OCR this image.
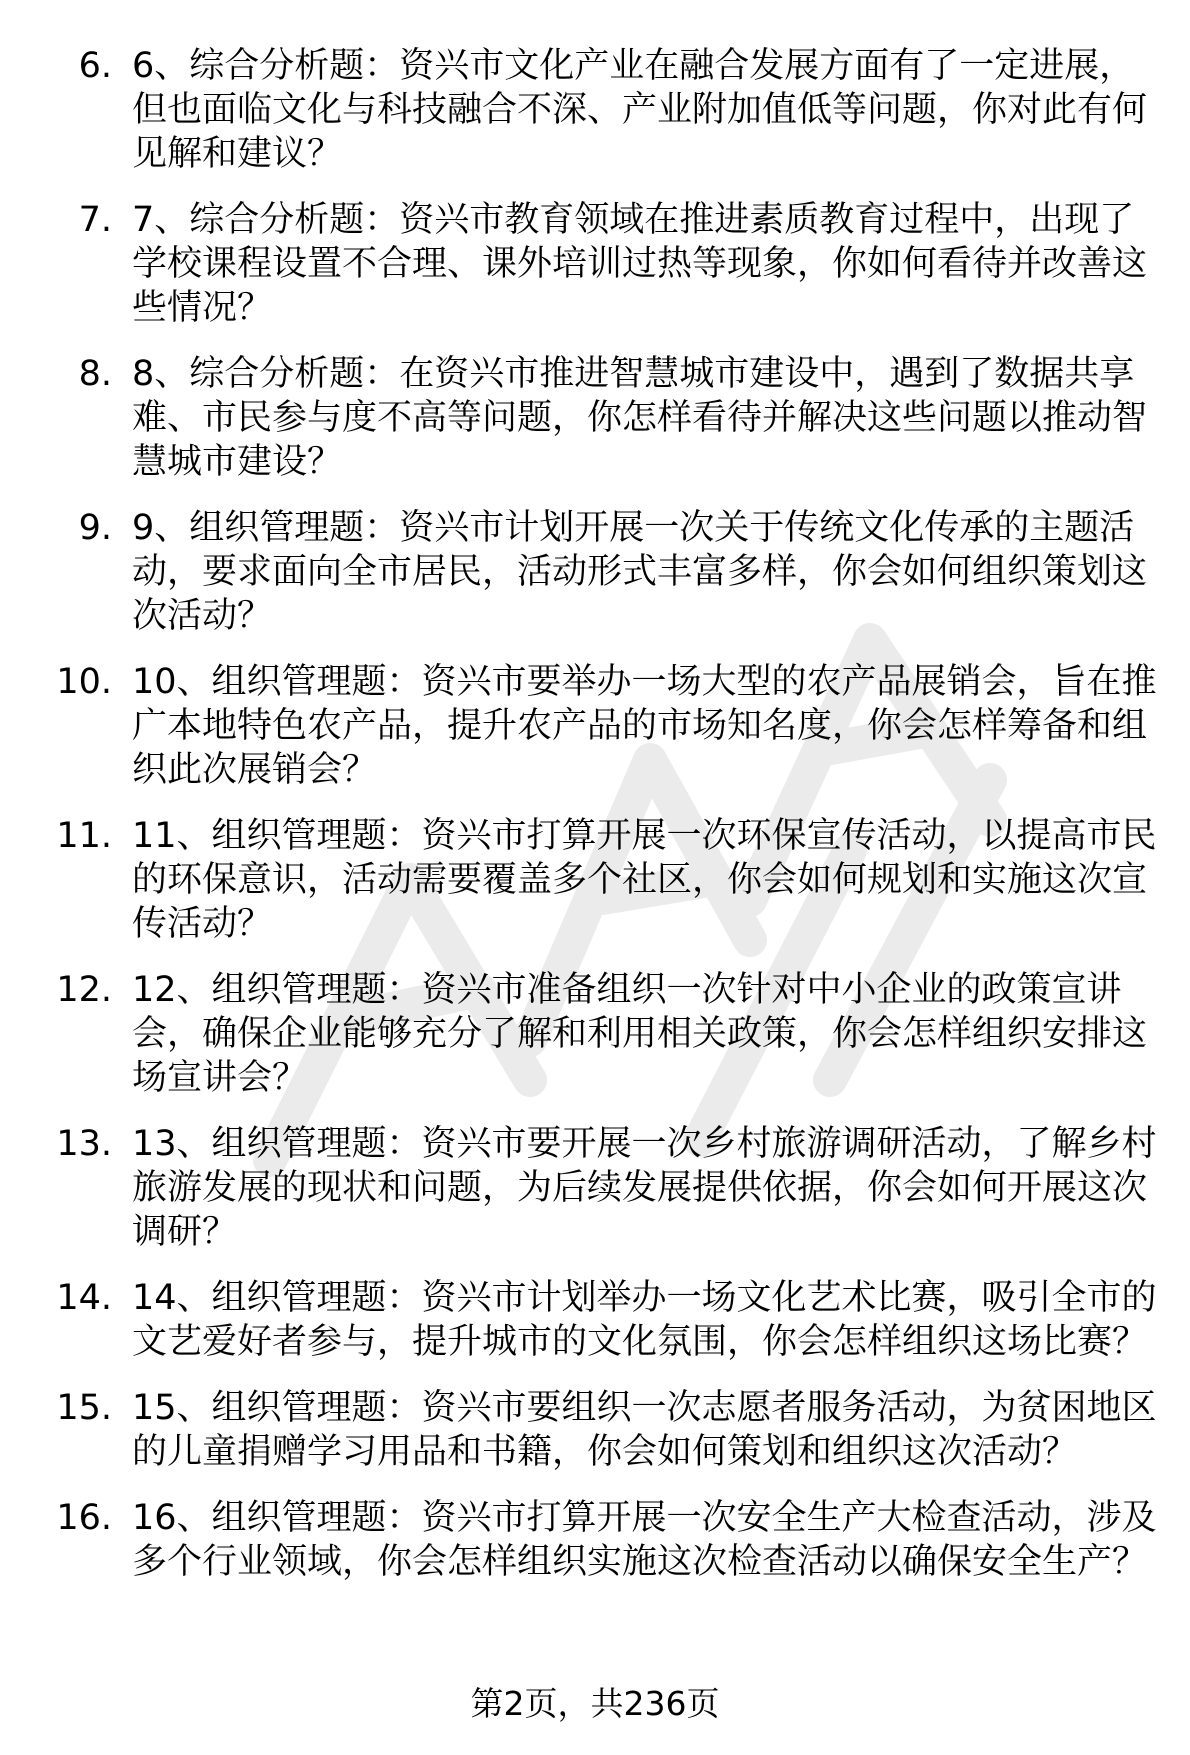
6. 6、综合分析题：资兴市文化产业在融合发展方面有了一定进展，但也面临文化与科技融合不深、产业附加值低等问题，你对此有何见解和建议？
7. 7、综合分析题：资兴市教育领域在推进素质教育过程中，出现了学校课程设置不合理、课外培训过热等现象，你如何看待并改善这些情况？
8. 8、综合分析题：在资兴市推进智慧城市建设中，遇到了数据共享难、市民参与度不高等问题，你怎样看待并解决这些问题以推动智慧城市建设？
9. 9、组织管理题：资兴市计划开展一次关于传统文化传承的主题活动，要求面向全市居民，活动形式丰富多样，你会如何组织策划这次活动？
10. 10、组织管理题：资兴市要举办一场大型的农产品展销会，旨在推广本地特色农产品，提升农产品的市场知名度，你会怎样筹备和组织此次展销会？
11. 11、组织管理题：资兴市打算开展一次环保宣传活动，以提高市民的环保意识，活动需要覆盖多个社区，你会如何规划和实施这次宣传活动？
12. 12、组织管理题：资兴市准备组织一次针对中小企业的政策宣讲会，确保企业能够充分了解和利用相关政策，你会怎样组织安排这场宣讲会？
13. 13、组织管理题：资兴市要开展一次乡村旅游调研活动，了解乡村旅游发展的现状和问题，为后续发展提供依据，你会如何开展这次调研？
14. 14、组织管理题：资兴市计划举办一场文化艺术比赛，吸引全市的文艺爱好者参与，提升城市的文化氛围，你会怎样组织这场比赛？
15. 15、组织管理题：资兴市要组织一次志愿者服务活动，为贫困地区的儿童捐赠学习用品和书籍，你会如何策划和组织这次活动？
16. 16、组织管理题：资兴市打算开展一次安全生产大检查活动，涉及多个行业领域，你会怎样组织实施这次检查活动以确保安全生产？
第2页，共236页
